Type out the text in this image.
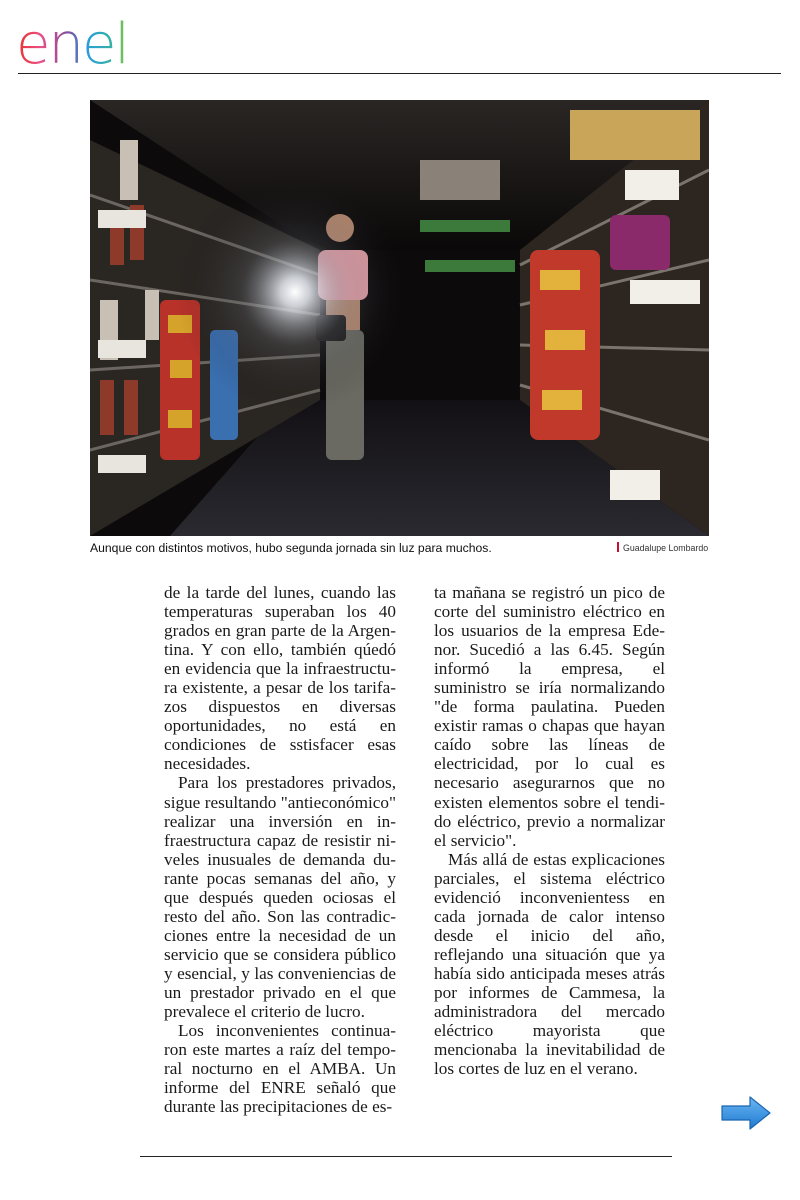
enel
Aunque con distintos motivos, hubo segunda jornada sin luz para muchos.	Guadalupe Lombardo

de la tarde del lunes, cuando las temperaturas superaban los 40 grados en gran parte de la Argentina. Y con ello, también qúedó en evidencia que la infraestructura existente, a pesar de los tarifazos dispuestos en diversas oportunidades, no está en condiciones de sstisfacer esas necesidades.

Para los prestadores privados, sigue resultando "antieconómico" realizar una inversión en infraestructura capaz de resistir niveles inusuales de demanda durante pocas semanas del año, y que después queden ociosas el resto del año. Son las contradicciones entre la necesidad de un servicio que se considera público y esencial, y las conveniencias de un prestador privado en el que prevalece el criterio de lucro.

Los inconvenientes continuaron este martes a raíz del temporal nocturno en el AMBA. Un informe del ENRE señaló que durante las precipitaciones de es-

ta mañana se registró un pico de corte del suministro eléctrico en los usuarios de la empresa Edenor. Sucedió a las 6.45. Según informó la empresa, el suministro se iría normalizando "de forma paulatina. Pueden existir ramas o chapas que hayan caído sobre las líneas de electricidad, por lo cual es necesario asegurarnos que no existen elementos sobre el tendido eléctrico, previo a normalizar el servicio".

Más allá de estas explicaciones parciales, el sistema eléctrico evidenció inconvenientess en cada jornada de calor intenso desde el inicio del año, reflejando una situación que ya había sido anticipada meses atrás por informes de Cammesa, la administradora del mercado eléctrico mayorista que mencionaba la inevitabilidad de los cortes de luz en el verano.
